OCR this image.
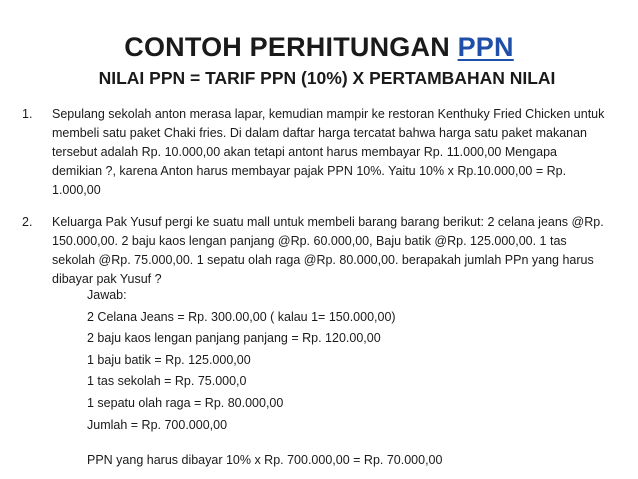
CONTOH PERHITUNGAN PPN
NILAI PPN = TARIF PPN (10%) X PERTAMBAHAN NILAI
1. Sepulang sekolah anton merasa lapar, kemudian mampir ke restoran Kenthuky Fried Chicken untuk
membeli satu paket Chaki fries. Di dalam daftar harga tercatat bahwa harga satu paket makanan
tersebut adalah Rp. 10.000,00 akan tetapi antont harus membayar Rp. 11.000,00 Mengapa
demikian ?, karena Anton harus membayar pajak PPN 10%. Yaitu 10% x Rp.10.000,00 = Rp.
1.000,00
2. Keluarga Pak Yusuf pergi ke suatu mall untuk membeli barang barang berikut: 2 celana jeans @Rp.
150.000,00. 2 baju kaos lengan panjang @Rp. 60.000,00, Baju batik @Rp. 125.000,00. 1 tas
sekolah @Rp. 75.000,00. 1 sepatu olah raga @Rp. 80.000,00. berapakah jumlah PPn yang harus
dibayar pak Yusuf ?
Jawab:
2 Celana Jeans = Rp. 300.00,00 ( kalau 1= 150.000,00)
2 baju kaos lengan panjang panjang = Rp. 120.00,00
1 baju batik = Rp. 125.000,00
1 tas sekolah = Rp. 75.000,0
1 sepatu olah raga = Rp. 80.000,00
Jumlah = Rp. 700.000,00
PPN yang harus dibayar 10% x Rp. 700.000,00 = Rp. 70.000,00
